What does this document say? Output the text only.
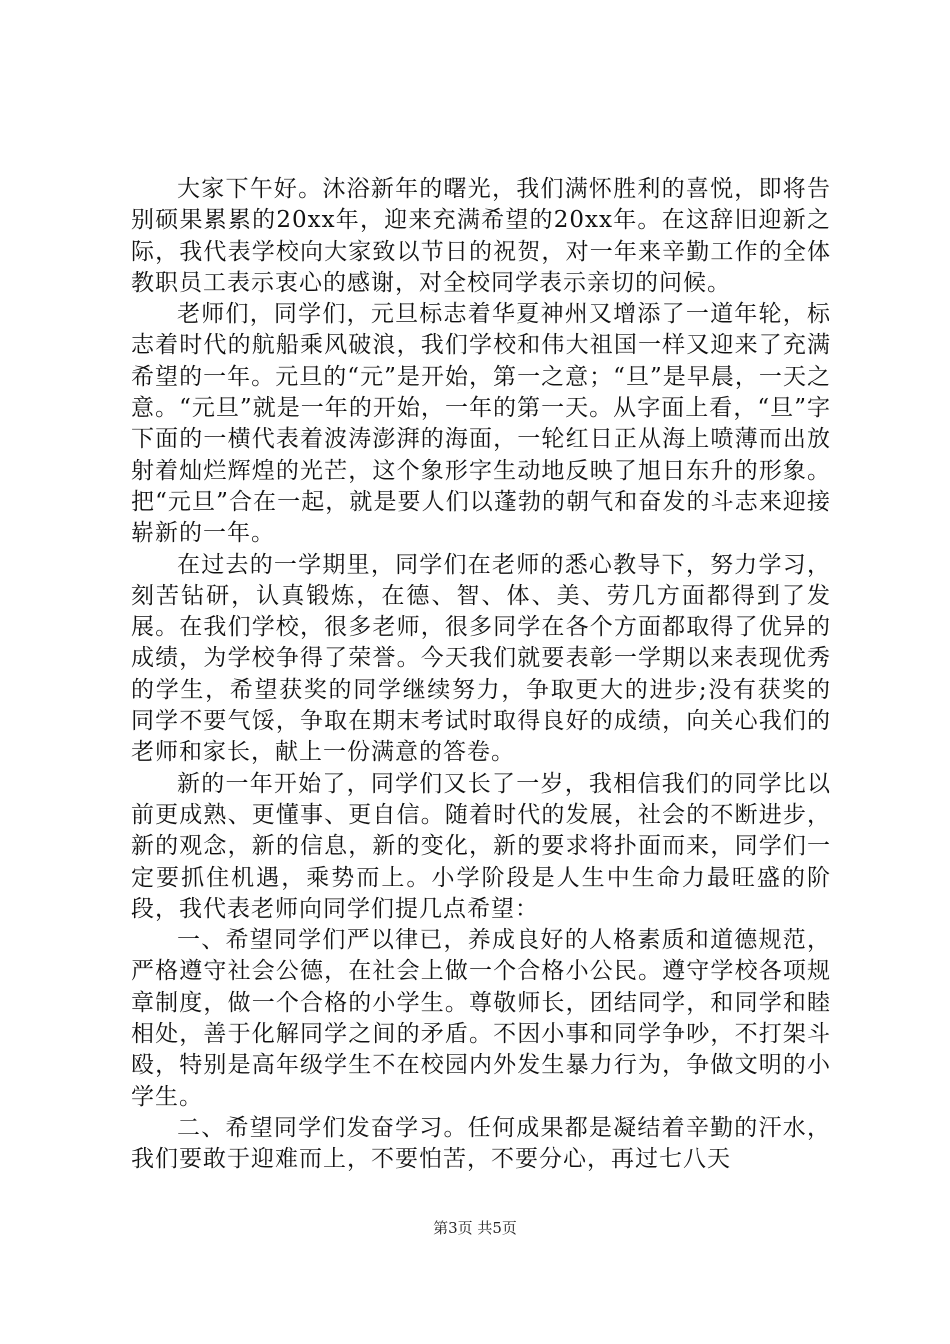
大家下午好。沐浴新年的曙光，我们满怀胜利的喜悦，即将告别硕果累累的20xx年，迎来充满希望的20xx年。在这辞旧迎新之际，我代表学校向大家致以节日的祝贺，对一年来辛勤工作的全体教职员工表示衷心的感谢，对全校同学表示亲切的问候。

老师们，同学们，元旦标志着华夏神州又增添了一道年轮，标志着时代的航船乘风破浪，我们学校和伟大祖国一样又迎来了充满希望的一年。元旦的“元”是开始，第一之意；“旦”是早晨，一天之意。“元旦”就是一年的开始，一年的第一天。从字面上看，“旦”字下面的一横代表着波涛澎湃的海面，一轮红日正从海上喷薄而出放射着灿烂辉煌的光芒，这个象形字生动地反映了旭日东升的形象。把“元旦”合在一起，就是要人们以蓬勃的朝气和奋发的斗志来迎接崭新的一年。

在过去的一学期里，同学们在老师的悉心教导下，努力学习，刻苦钻研，认真锻炼，在德、智、体、美、劳几方面都得到了发展。在我们学校，很多老师，很多同学在各个方面都取得了优异的成绩，为学校争得了荣誉。今天我们就要表彰一学期以来表现优秀的学生，希望获奖的同学继续努力，争取更大的进步;没有获奖的同学不要气馁，争取在期末考试时取得良好的成绩，向关心我们的老师和家长，献上一份满意的答卷。

新的一年开始了，同学们又长了一岁，我相信我们的同学比以前更成熟、更懂事、更自信。随着时代的发展，社会的不断进步，新的观念，新的信息，新的变化，新的要求将扑面而来，同学们一定要抓住机遇，乘势而上。小学阶段是人生中生命力最旺盛的阶段，我代表老师向同学们提几点希望：

一、希望同学们严以律已，养成良好的人格素质和道德规范，严格遵守社会公德，在社会上做一个合格小公民。遵守学校各项规章制度，做一个合格的小学生。尊敬师长，团结同学，和同学和睦相处，善于化解同学之间的矛盾。不因小事和同学争吵，不打架斗殴，特别是高年级学生不在校园内外发生暴力行为，争做文明的小学生。

二、希望同学们发奋学习。任何成果都是凝结着辛勤的汗水，我们要敢于迎难而上，不要怕苦，不要分心，再过七八天

第3页 共5页
